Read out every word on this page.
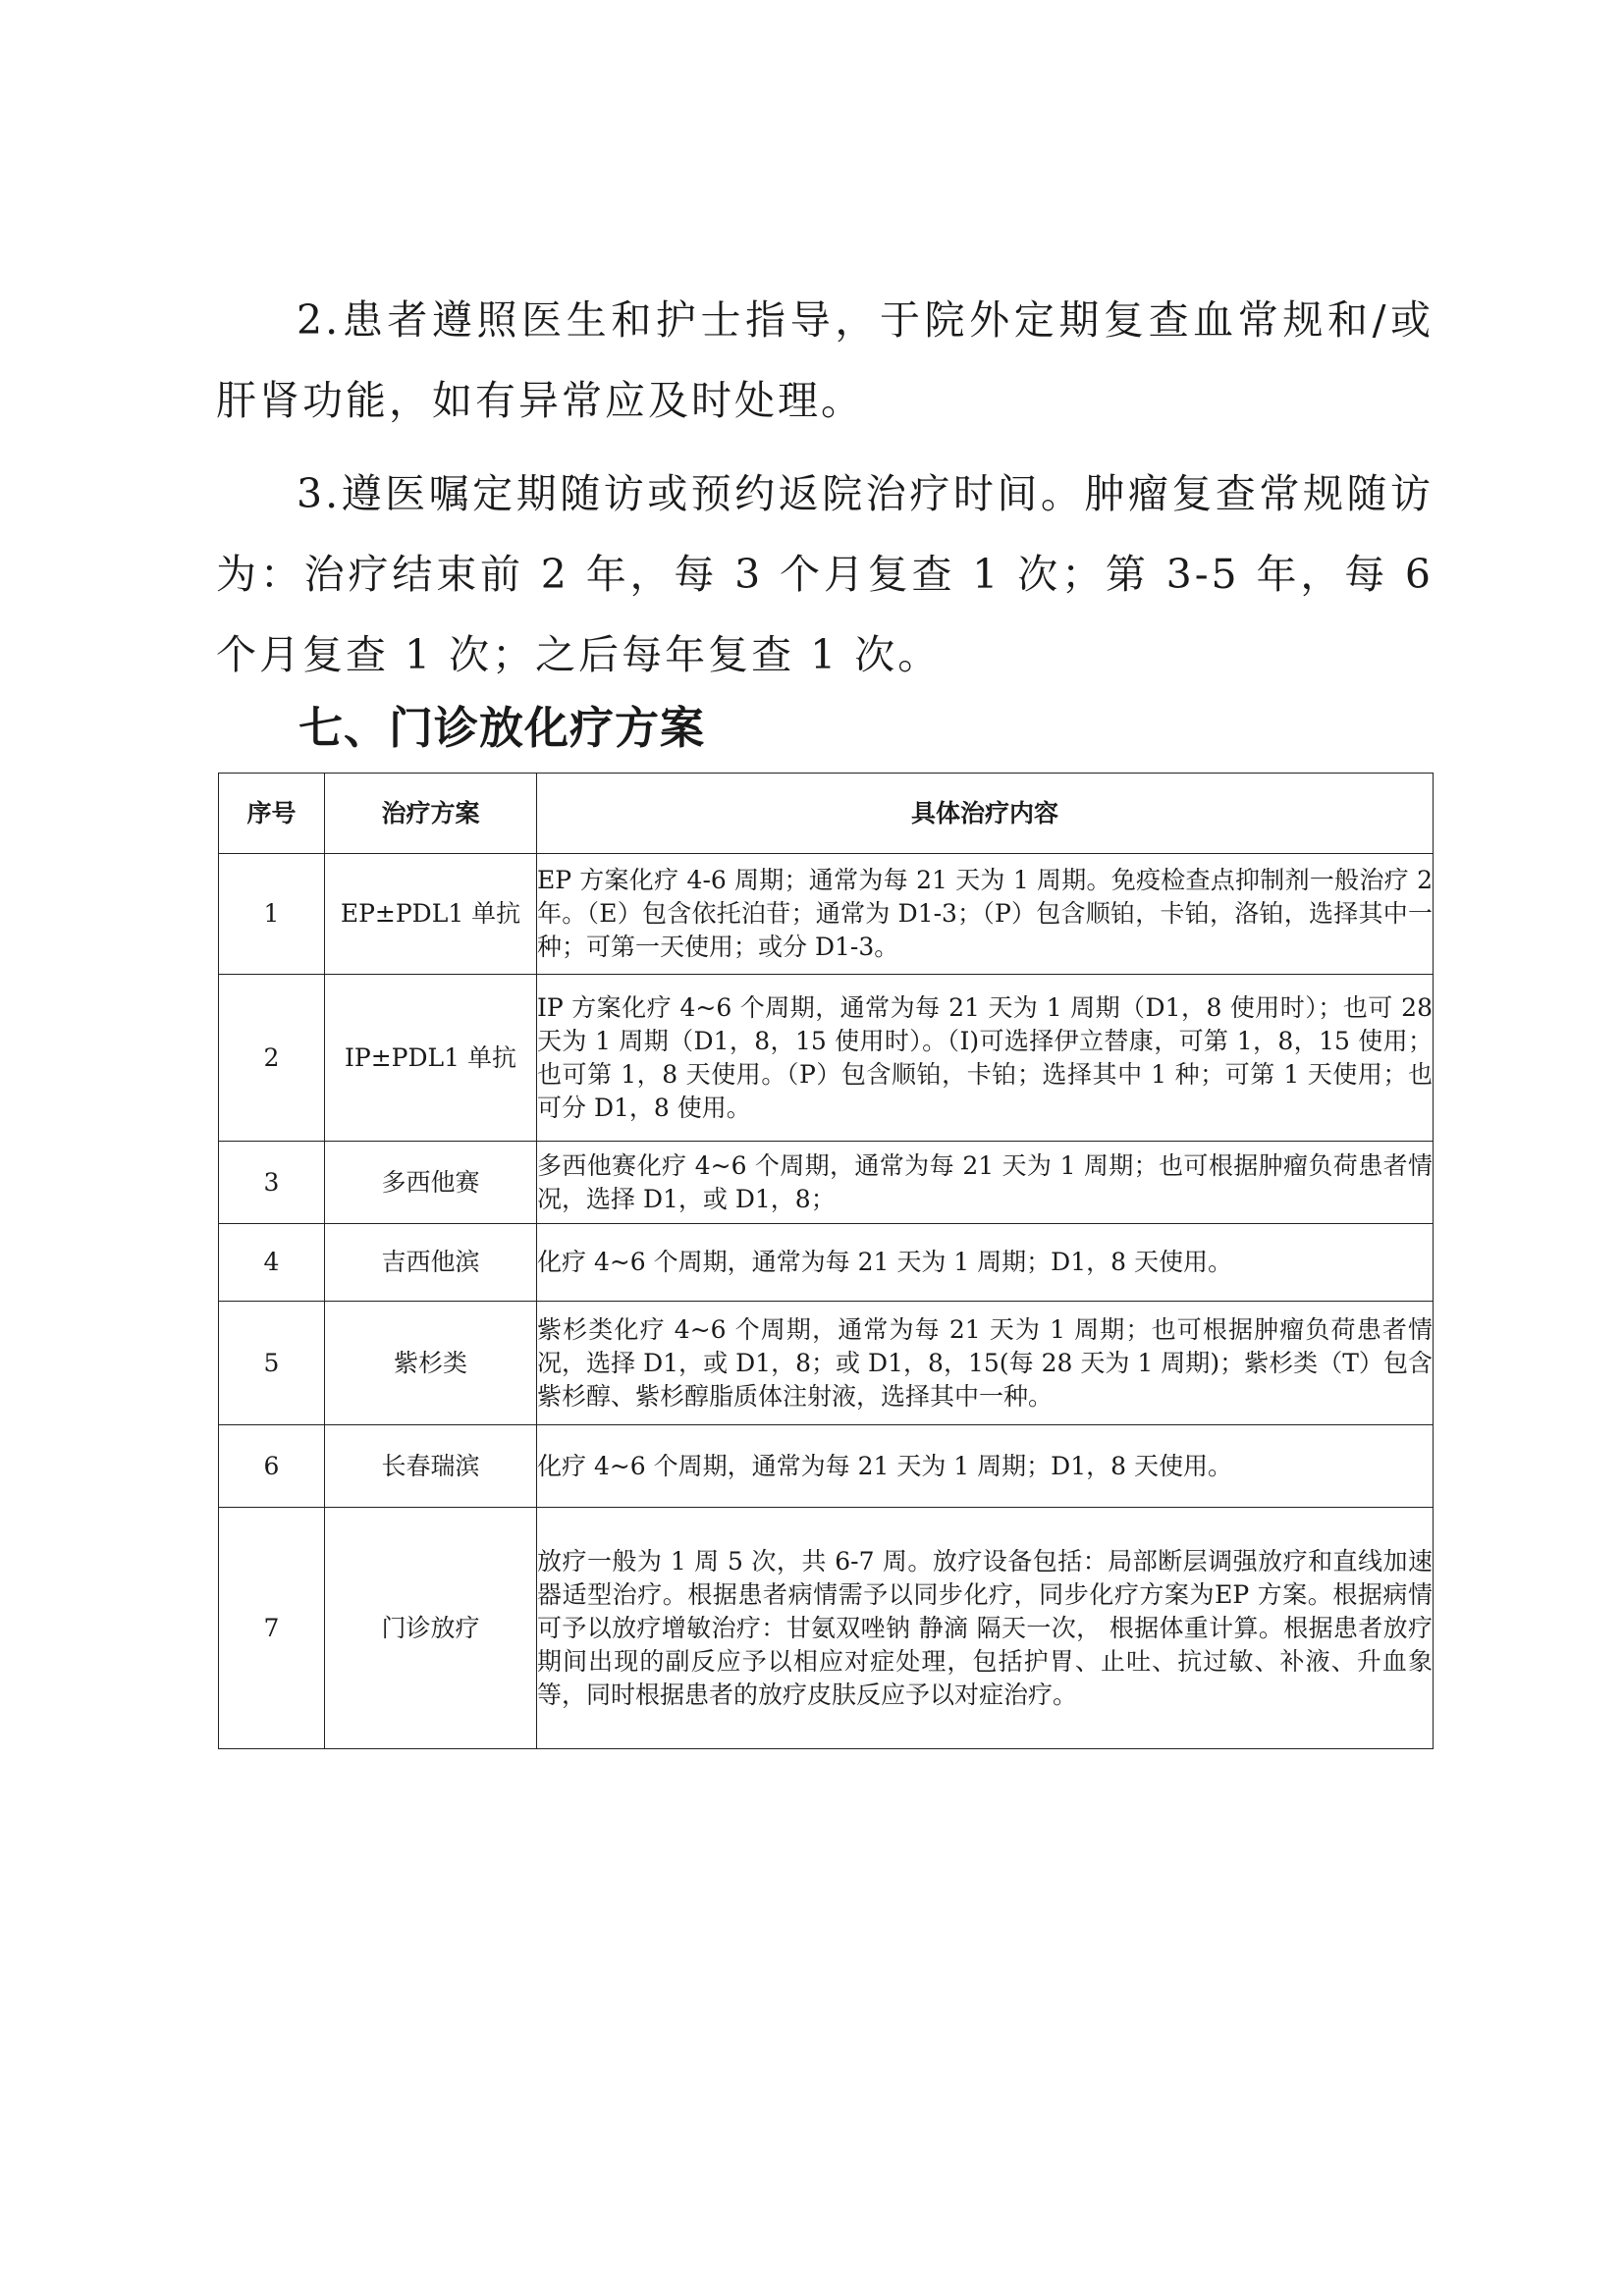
2.患者遵照医生和护士指导，于院外定期复查血常规和/或肝肾功能，如有异常应及时处理。

3.遵医嘱定期随访或预约返院治疗时间。肿瘤复查常规随访为：治疗结束前 2 年，每 3 个月复查 1 次；第 3-5 年，每 6 个月复查 1 次；之后每年复查 1 次。

七、门诊放化疗方案
序号	治疗方案	具体治疗内容
1	EP±PDL1 单抗	EP 方案化疗 4-6 周期；通常为每 21 天为 1 周期。免疫检查点抑制剂一般治疗 2 年。（E）包含依托泊苷；通常为 D1-3；（P）包含顺铂，卡铂，洛铂，选择其中一种；可第一天使用；或分 D1-3。

2	IP±PDL1 单抗	IP 方案化疗 4~6 个周期，通常为每 21 天为 1 周期（D1，8 使用时）；也可 28 天为 1 周期（D1，8，15 使用时）。（I)可选择伊立替康，可第 1，8，15 使用；也可第 1，8 天使用。（P）包含顺铂，卡铂；选择其中 1 种；可第 1 天使用；也可分 D1，8 使用。

3	多西他赛	多西他赛化疗 4~6 个周期，通常为每 21 天为 1 周期；也可根据肿瘤负荷患者情况，选择 D1，或 D1，8；

4	吉西他滨	化疗 4~6 个周期，通常为每 21 天为 1 周期；D1，8 天使用。

5	紫杉类	紫杉类化疗 4~6 个周期，通常为每 21 天为 1 周期；也可根据肿瘤负荷患者情况，选择 D1，或 D1，8；或 D1，8，15(每 28 天为 1 周期)；紫杉类（T）包含紫杉醇、紫杉醇脂质体注射液，选择其中一种。

6	长春瑞滨	化疗 4~6 个周期，通常为每 21 天为 1 周期；D1，8 天使用。

7	门诊放疗	放疗一般为 1 周 5 次，共 6-7 周。放疗设备包括：局部断层调强放疗和直线加速器适型治疗。根据患者病情需予以同步化疗，同步化疗方案为EP 方案。根据病情可予以放疗增敏治疗：甘氨双唑钠 静滴 隔天一次， 根据体重计算。根据患者放疗期间出现的副反应予以相应对症处理，包括护胃、止吐、抗过敏、补液、升血象等，同时根据患者的放疗皮肤反应予以对症治疗。
